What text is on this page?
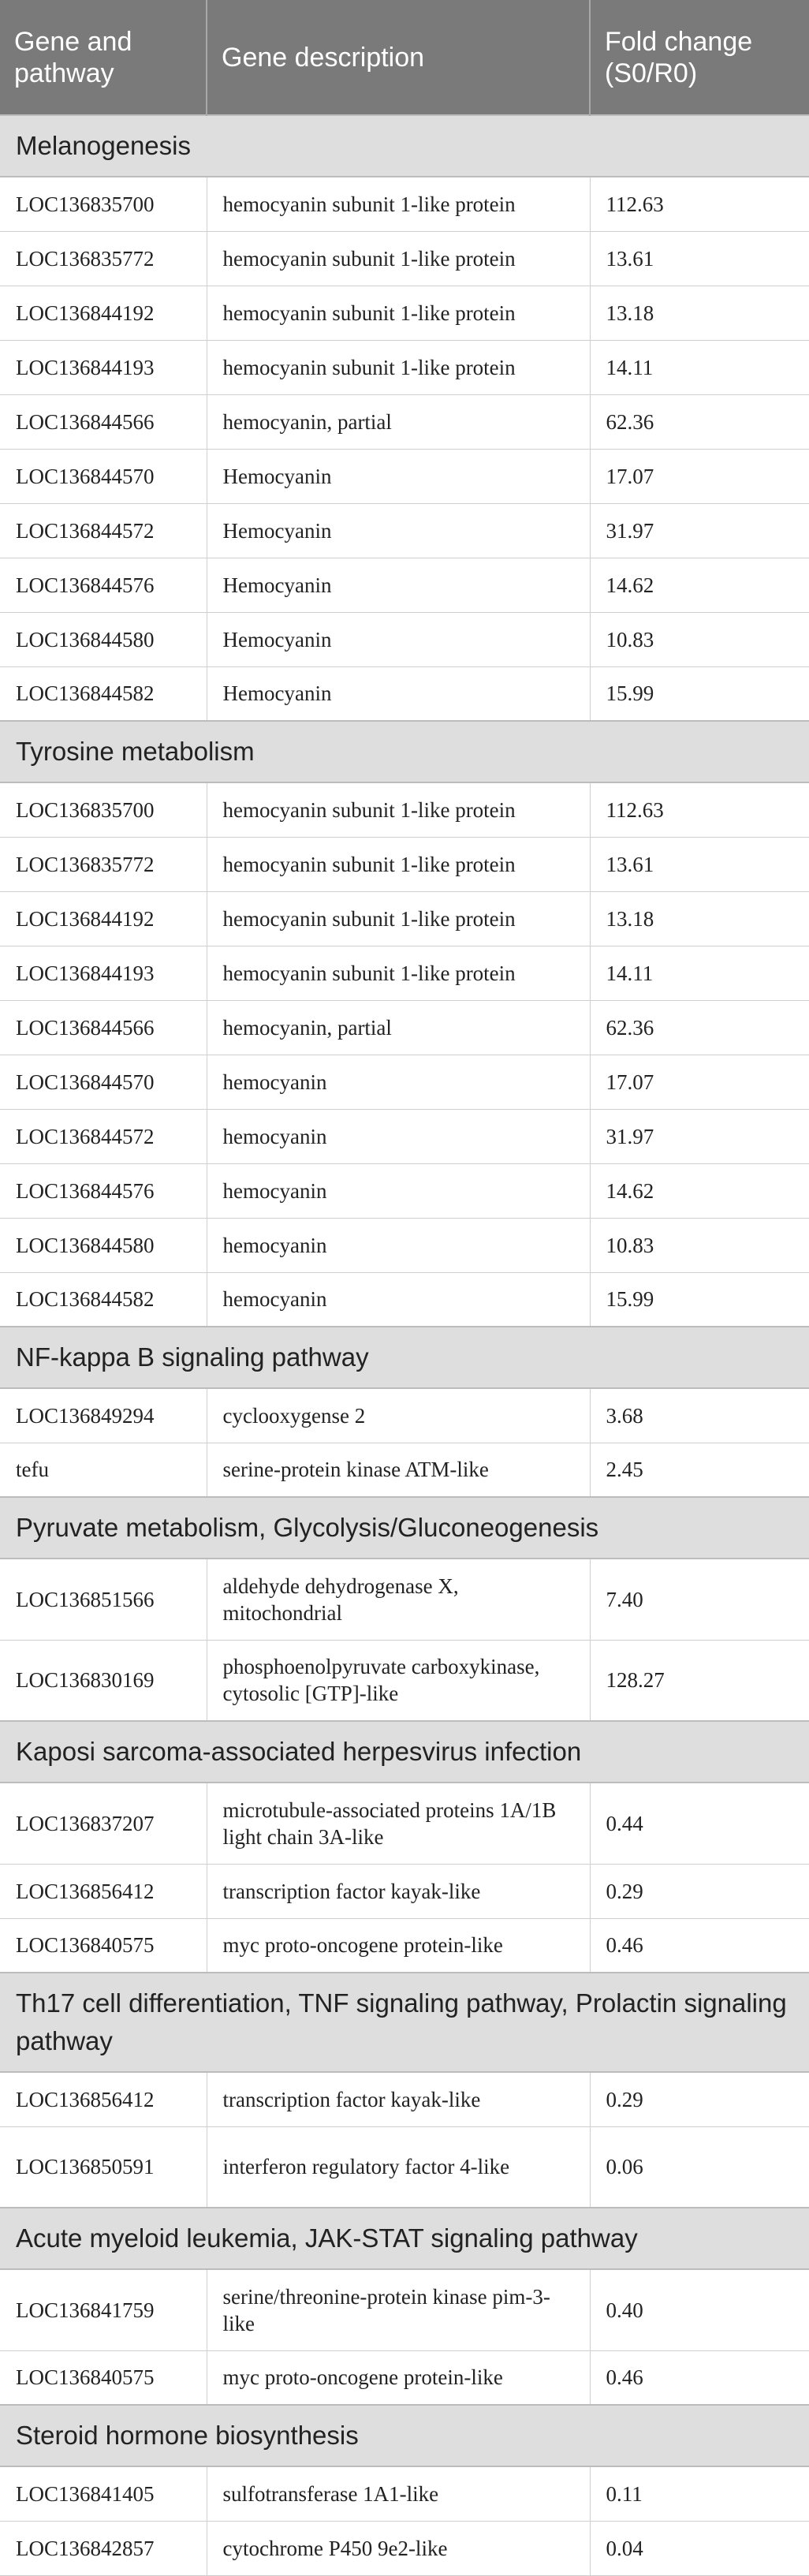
Gene and pathway	Gene description	Fold change (S0/R0)
Melanogenesis		
LOC136835700	hemocyanin subunit 1-like protein	112.63
LOC136835772	hemocyanin subunit 1-like protein	13.61
LOC136844192	hemocyanin subunit 1-like protein	13.18
LOC136844193	hemocyanin subunit 1-like protein	14.11
LOC136844566	hemocyanin, partial	62.36
LOC136844570	Hemocyanin	17.07
LOC136844572	Hemocyanin	31.97
LOC136844576	Hemocyanin	14.62
LOC136844580	Hemocyanin	10.83
LOC136844582	Hemocyanin	15.99
Tyrosine metabolism		
LOC136835700	hemocyanin subunit 1-like protein	112.63
LOC136835772	hemocyanin subunit 1-like protein	13.61
LOC136844192	hemocyanin subunit 1-like protein	13.18
LOC136844193	hemocyanin subunit 1-like protein	14.11
LOC136844566	hemocyanin, partial	62.36
LOC136844570	hemocyanin	17.07
LOC136844572	hemocyanin	31.97
LOC136844576	hemocyanin	14.62
LOC136844580	hemocyanin	10.83
LOC136844582	hemocyanin	15.99
NF-kappa B signaling pathway		
LOC136849294	cyclooxygense 2	3.68
tefu	serine-protein kinase ATM-like	2.45
Pyruvate metabolism, Glycolysis/Gluconeogenesis		
LOC136851566	aldehyde dehydrogenase X, mitochondrial	7.40
LOC136830169	phosphoenolpyruvate carboxykinase, cytosolic [GTP]-like	128.27
Kaposi sarcoma-associated herpesvirus infection		
LOC136837207	microtubule-associated proteins 1A/1B light chain 3A-like	0.44
LOC136856412	transcription factor kayak-like	0.29
LOC136840575	myc proto-oncogene protein-like	0.46
Th17 cell differentiation, TNF signaling pathway, Prolactin signaling pathway		
LOC136856412	transcription factor kayak-like	0.29
LOC136850591	interferon regulatory factor 4-like	0.06
Acute myeloid leukemia, JAK-STAT signaling pathway		
LOC136841759	serine/threonine-protein kinase pim-3-like	0.40
LOC136840575	myc proto-oncogene protein-like	0.46
Steroid hormone biosynthesis		
LOC136841405	sulfotransferase 1A1-like	0.11
LOC136842857	cytochrome P450 9e2-like	0.04
